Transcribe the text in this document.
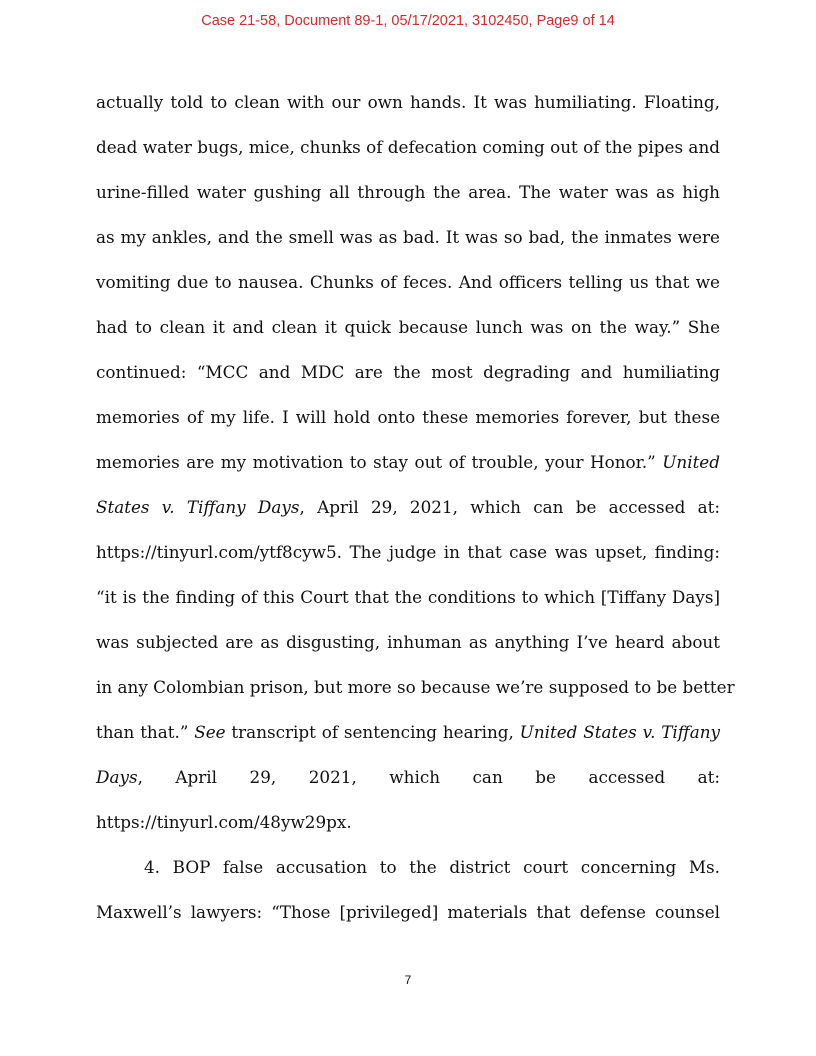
Case 21-58, Document 89-1, 05/17/2021, 3102450, Page9 of 14
actually told to clean with our own hands. It was humiliating. Floating,
dead water bugs, mice, chunks of defecation coming out of the pipes and
urine-filled water gushing all through the area. The water was as high
as my ankles, and the smell was as bad. It was so bad, the inmates were
vomiting due to nausea. Chunks of feces. And officers telling us that we
had to clean it and clean it quick because lunch was on the way.” She
continued: “MCC and MDC are the most degrading and humiliating
memories of my life. I will hold onto these memories forever, but these
memories are my motivation to stay out of trouble, your Honor.” United
States v. Tiffany Days, April 29, 2021, which can be accessed at:
https://tinyurl.com/ytf8cyw5. The judge in that case was upset, finding:
“it is the finding of this Court that the conditions to which [Tiffany Days]
was subjected are as disgusting, inhuman as anything I’ve heard about
in any Colombian prison, but more so because we’re supposed to be better
than that.” See transcript of sentencing hearing, United States v. Tiffany
Days, April 29, 2021, which can be accessed at:
https://tinyurl.com/48yw29px.
4. BOP false accusation to the district court concerning Ms.
Maxwell’s lawyers: “Those [privileged] materials that defense counsel
7
